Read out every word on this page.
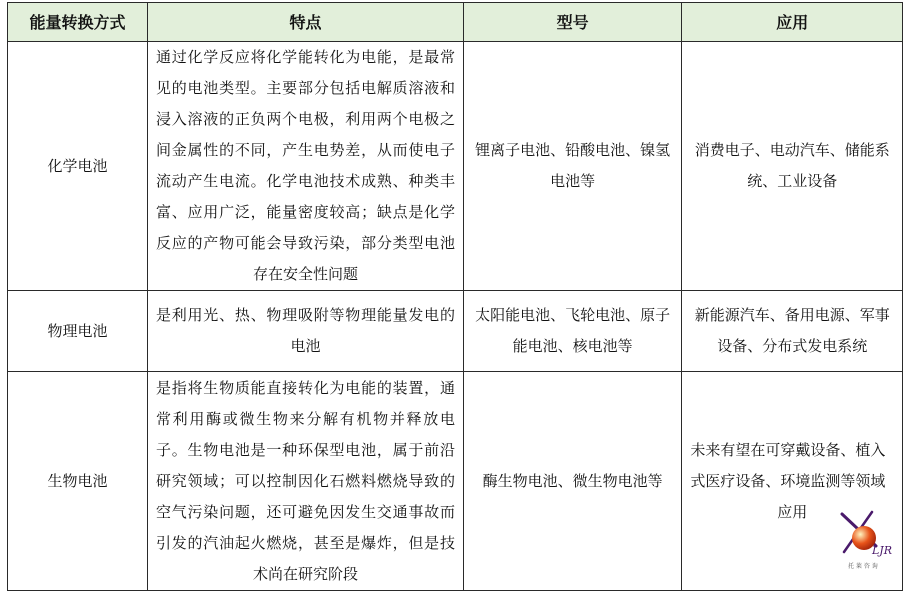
能量转换方式	特点	型号	应用
化学电池	通过化学反应将化学能转化为电能，是最常见的电池类型。主要部分包括电解质溶液和浸入溶液的正负两个电极，利用两个电极之间金属性的不同，产生电势差，从而使电子流动产生电流。化学电池技术成熟、种类丰富、应用广泛，能量密度较高；缺点是化学反应的产物可能会导致污染，部分类型电池存在安全性问题	锂离子电池、铅酸电池、镍氢电池等	消费电子、电动汽车、储能系统、工业设备
物理电池	是利用光、热、物理吸附等物理能量发电的电池	太阳能电池、飞轮电池、原子能电池、核电池等	新能源汽车、备用电源、军事设备、分布式发电系统
生物电池	是指将生物质能直接转化为电能的装置，通常利用酶或微生物来分解有机物并释放电子。生物电池是一种环保型电池，属于前沿研究领域；可以控制因化石燃料燃烧导致的空气污染问题，还可避免因发生交通事故而引发的汽油起火燃烧，甚至是爆炸，但是技术尚在研究阶段	酶生物电池、微生物电池等	未来有望在可穿戴设备、植入式医疗设备、环境监测等领域应用
LJR
托 莱 咨 询
